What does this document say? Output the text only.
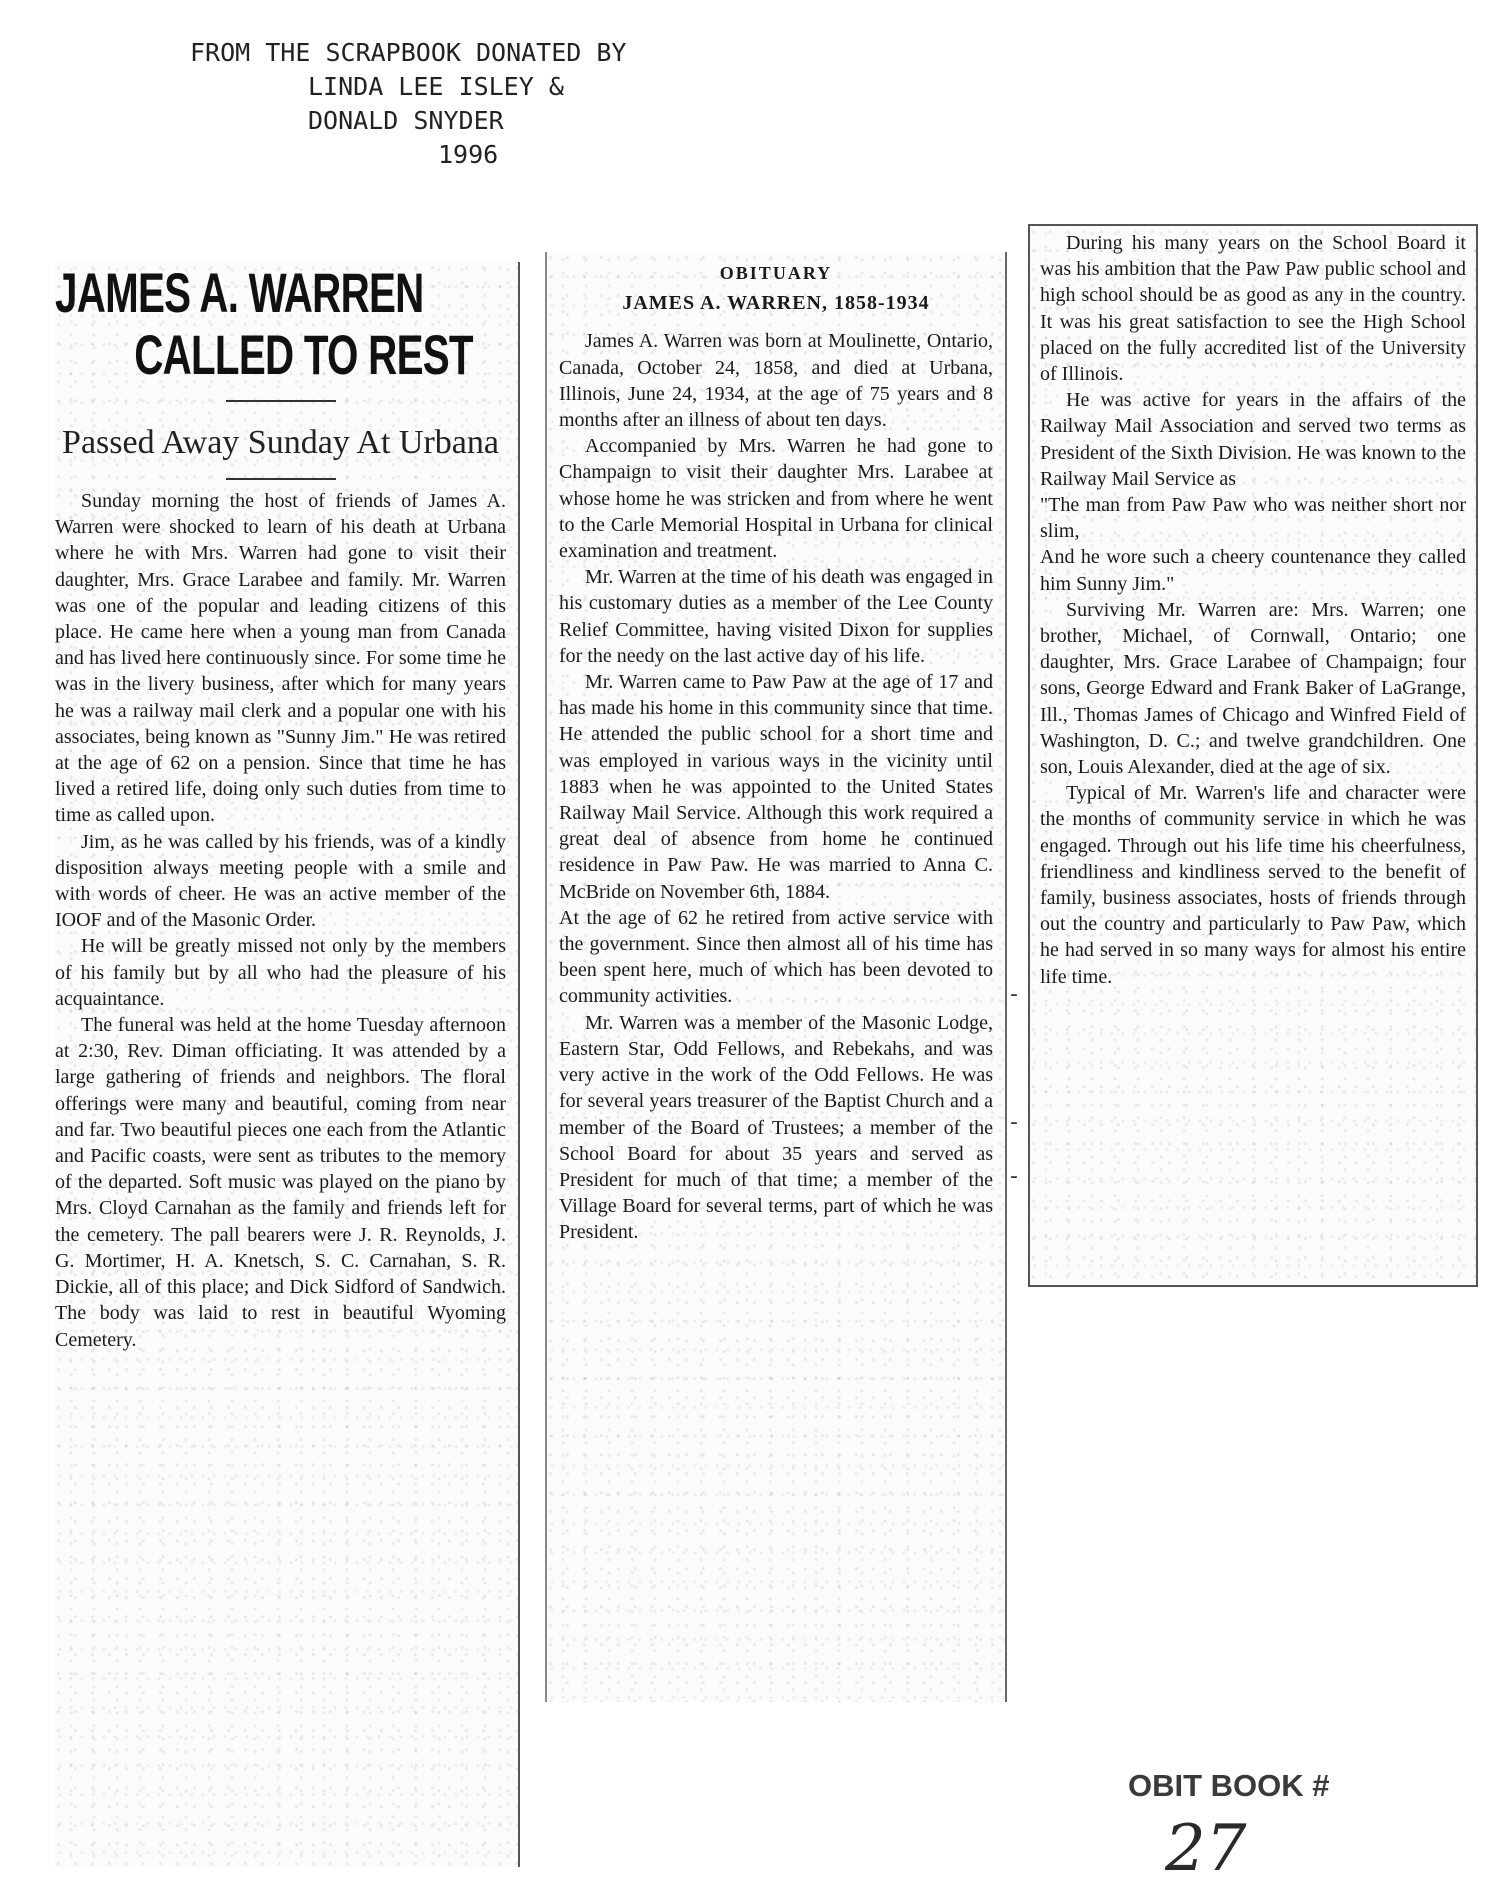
FROM THE SCRAPBOOK DONATED BY
LINDA LEE ISLEY &
DONALD SNYDER
1996
JAMES A. WARREN
CALLED TO REST
Passed Away Sunday At Urbana

Sunday morning the host of friends of James A. Warren were shocked to learn of his death at Urbana where he with Mrs. Warren had gone to visit their daughter, Mrs. Grace Larabee and family. Mr. Warren was one of the popular and leading citizens of this place. He came here when a young man from Canada and has lived here continuously since. For some time he was in the livery business, after which for many years he was a railway mail clerk and a popular one with his associates, being known as "Sunny Jim." He was retired at the age of 62 on a pension. Since that time he has lived a retired life, doing only such duties from time to time as called upon.

Jim, as he was called by his friends, was of a kindly disposition always meeting people with a smile and with words of cheer. He was an active member of the IOOF and of the Masonic Order.

He will be greatly missed not only by the members of his family but by all who had the pleasure of his acquaintance.

The funeral was held at the home Tuesday afternoon at 2:30, Rev. Diman officiating. It was attended by a large gathering of friends and neighbors. The floral offerings were many and beautiful, coming from near and far. Two beautiful pieces one each from the Atlantic and Pacific coasts, were sent as tributes to the memory of the departed. Soft music was played on the piano by Mrs. Cloyd Carnahan as the family and friends left for the cemetery. The pall bearers were J. R. Reynolds, J. G. Mortimer, H. A. Knetsch, S. C. Carnahan, S. R. Dickie, all of this place; and Dick Sidford of Sandwich. The body was laid to rest in beautiful Wyoming Cemetery.

OBITUARY
JAMES A. WARREN, 1858-1934

James A. Warren was born at Moulinette, Ontario, Canada, October 24, 1858, and died at Urbana, Illinois, June 24, 1934, at the age of 75 years and 8 months after an illness of about ten days.

Accompanied by Mrs. Warren he had gone to Champaign to visit their daughter Mrs. Larabee at whose home he was stricken and from where he went to the Carle Memorial Hospital in Urbana for clinical examination and treatment.

Mr. Warren at the time of his death was engaged in his customary duties as a member of the Lee County Relief Committee, having visited Dixon for supplies for the needy on the last active day of his life.

Mr. Warren came to Paw Paw at the age of 17 and has made his home in this community since that time. He attended the public school for a short time and was employed in various ways in the vicinity until 1883 when he was appointed to the United States Railway Mail Service. Although this work required a great deal of absence from home he continued residence in Paw Paw. He was married to Anna C. McBride on November 6th, 1884.

At the age of 62 he retired from active service with the government. Since then almost all of his time has been spent here, much of which has been devoted to community activities.

Mr. Warren was a member of the Masonic Lodge, Eastern Star, Odd Fellows, and Rebekahs, and was very active in the work of the Odd Fellows. He was for several years treasurer of the Baptist Church and a member of the Board of Trustees; a member of the School Board for about 35 years and served as President for much of that time; a member of the Village Board for several terms, part of which he was President.

During his many years on the School Board it was his ambition that the Paw Paw public school and high school should be as good as any in the country. It was his great satisfaction to see the High School placed on the fully accredited list of the University of Illinois.

He was active for years in the affairs of the Railway Mail Association and served two terms as President of the Sixth Division. He was known to the Railway Mail Service as

"The man from Paw Paw who was neither short nor slim,

And he wore such a cheery countenance they called him Sunny Jim."

Surviving Mr. Warren are: Mrs. Warren; one brother, Michael, of Cornwall, Ontario; one daughter, Mrs. Grace Larabee of Champaign; four sons, George Edward and Frank Baker of LaGrange, Ill., Thomas James of Chicago and Winfred Field of Washington, D. C.; and twelve grandchildren. One son, Louis Alexander, died at the age of six.

Typical of Mr. Warren's life and character were the months of community service in which he was engaged. Through out his life time his cheerfulness, friendliness and kindliness served to the benefit of family, business associates, hosts of friends through out the country and particularly to Paw Paw, which he had served in so many ways for almost his entire life time.

-
-
-
OBIT BOOK #
27
